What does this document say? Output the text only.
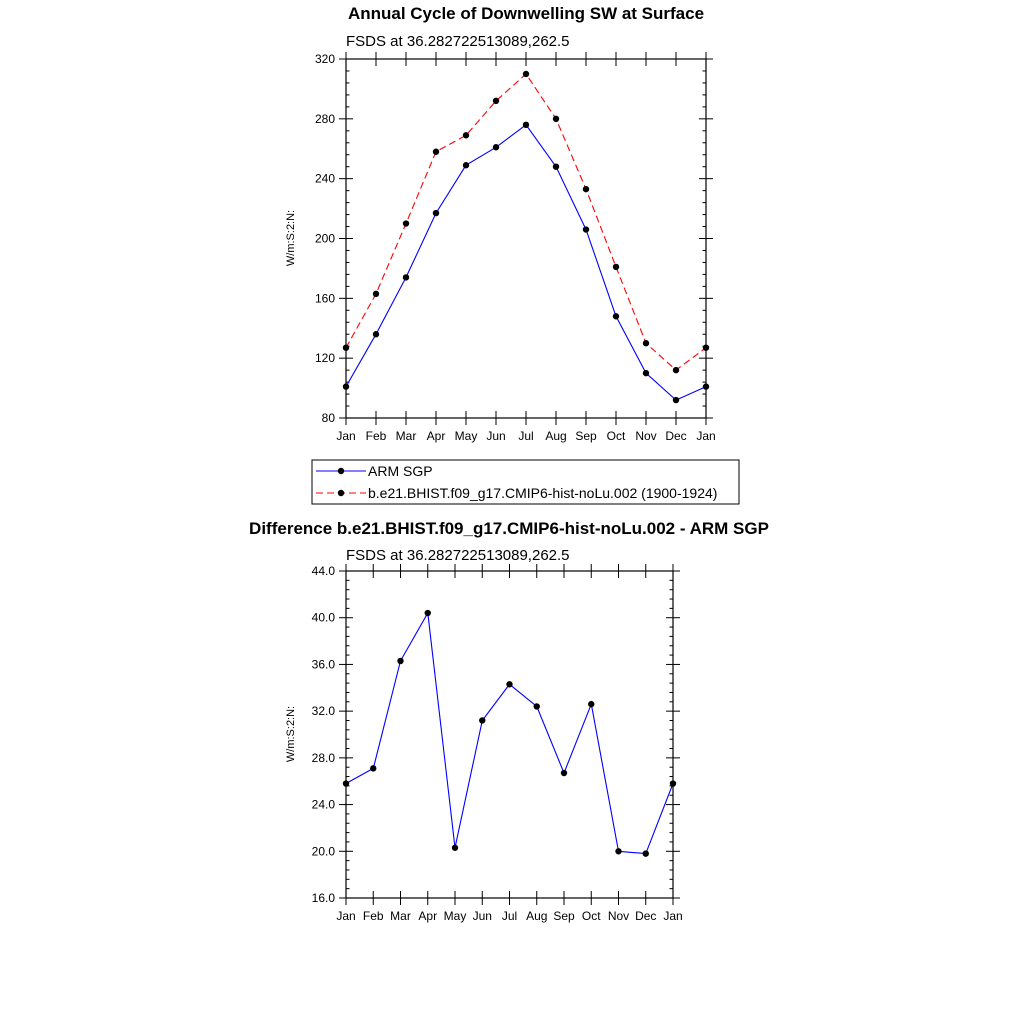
Annual Cycle of Downwelling SW at Surface
FSDS at 36.282722513089,262.5
W/m:S:2:N:
ARM SGP
b.e21.BHIST.f09_g17.CMIP6-hist-noLu.002 (1900-1924)
Difference b.e21.BHIST.f09_g17.CMIP6-hist-noLu.002 - ARM SGP
FSDS at 36.282722513089,262.5
W/m:S:2:N:
Jan Feb Mar Apr May Jun Jul Aug Sep Oct Nov Dec Jan
80
120
160
200
240
280
320
Jan Feb Mar Apr May Jun Jul Aug Sep Oct Nov Dec Jan
16.0
20.0
24.0
28.0
32.0
36.0
40.0
44.0
